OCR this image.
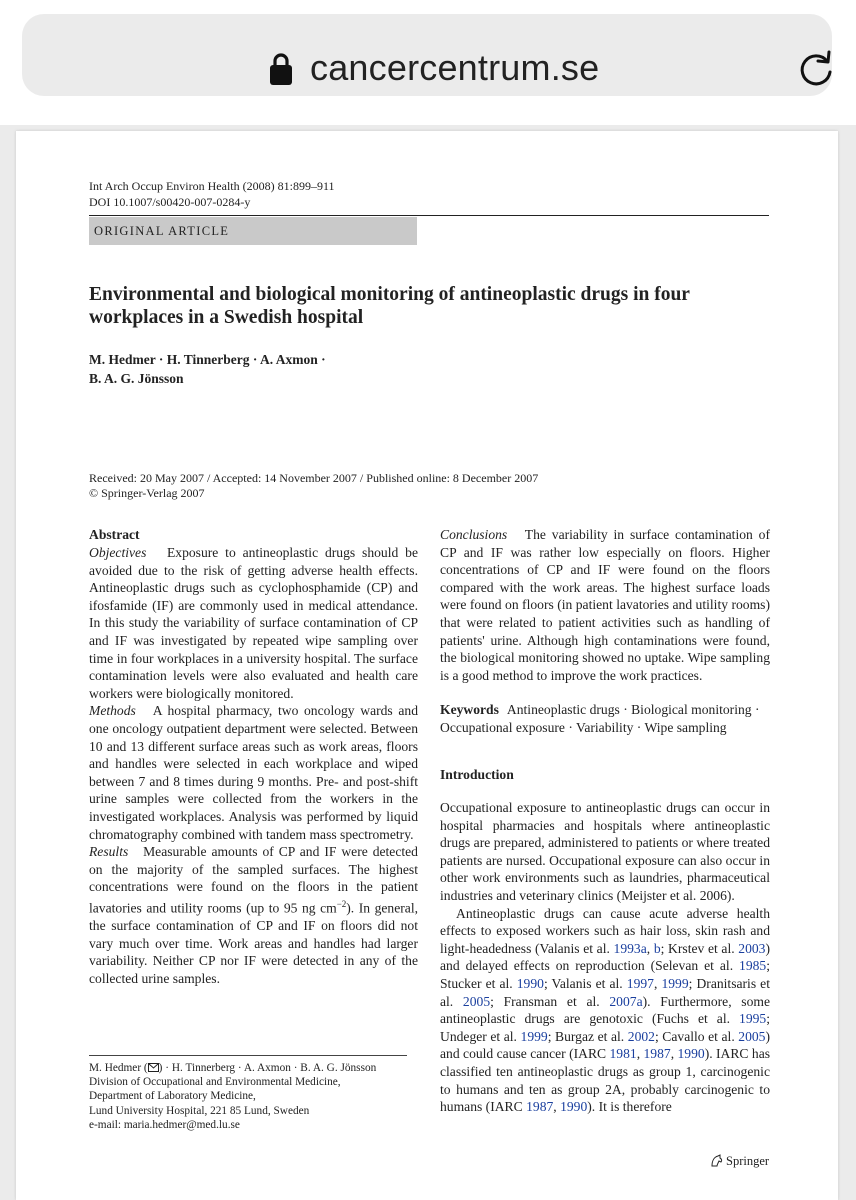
cancercentrum.se
Int Arch Occup Environ Health (2008) 81:899–911
DOI 10.1007/s00420-007-0284-y
ORIGINAL ARTICLE
Environmental and biological monitoring of antineoplastic drugs in four workplaces in a Swedish hospital
M. Hedmer · H. Tinnerberg · A. Axmon ·
B. A. G. Jönsson
Received: 20 May 2007 / Accepted: 14 November 2007 / Published online: 8 December 2007
© Springer-Verlag 2007
Abstract

Objectives Exposure to antineoplastic drugs should be avoided due to the risk of getting adverse health effects. Antineoplastic drugs such as cyclophosphamide (CP) and ifosfamide (IF) are commonly used in medical attendance. In this study the variability of surface contamination of CP and IF was investigated by repeated wipe sampling over time in four workplaces in a university hospital. The surface contamination levels were also evaluated and health care workers were biologically monitored.

Methods A hospital pharmacy, two oncology wards and one oncology outpatient department were selected. Between 10 and 13 different surface areas such as work areas, floors and handles were selected in each workplace and wiped between 7 and 8 times during 9 months. Pre- and post-shift urine samples were collected from the workers in the investigated workplaces. Analysis was performed by liquid chromatography combined with tandem mass spectrometry.

Results Measurable amounts of CP and IF were detected on the majority of the sampled surfaces. The highest concentrations were found on the floors in the patient lavatories and utility rooms (up to 95 ng $cm^{-2}$). In general, the surface contamination of CP and IF on floors did not vary much over time. Work areas and handles had larger variability. Neither CP nor IF were detected in any of the collected urine samples.

Conclusions The variability in surface contamination of CP and IF was rather low especially on floors. Higher concentrations of CP and IF were found on the floors compared with the work areas. The highest surface loads were found on floors (in patient lavatories and utility rooms) that were related to patient activities such as handling of patients' urine. Although high contaminations were found, the biological monitoring showed no uptake. Wipe sampling is a good method to improve the work practices.

Keywords Antineoplastic drugs · Biological monitoring · Occupational exposure · Variability · Wipe sampling
Introduction

Occupational exposure to antineoplastic drugs can occur in hospital pharmacies and hospitals where antineoplastic drugs are prepared, administered to patients or where treated patients are nursed. Occupational exposure can also occur in other work environments such as laundries, pharmaceutical industries and veterinary clinics (Meijster et al. 2006).

Antineoplastic drugs can cause acute adverse health effects to exposed workers such as hair loss, skin rash and light-headedness (Valanis et al. 1993a, b; Krstev et al. 2003) and delayed effects on reproduction (Selevan et al. 1985; Stucker et al. 1990; Valanis et al. 1997, 1999; Dranitsaris et al. 2005; Fransman et al. 2007a). Furthermore, some antineoplastic drugs are genotoxic (Fuchs et al. 1995; Undeger et al. 1999; Burgaz et al. 2002; Cavallo et al. 2005) and could cause cancer (IARC 1981, 1987, 1990). IARC has classified ten antineoplastic drugs as group 1, carcinogenic to humans and ten as group 2A, probably carcinogenic to humans (IARC 1987, 1990). It is therefore

M. Hedmer ( ) · H. Tinnerberg · A. Axmon · B. A. G. Jönsson
Division of Occupational and Environmental Medicine,
Department of Laboratory Medicine,
Lund University Hospital, 221 85 Lund, Sweden
e-mail: maria.hedmer@med.lu.se
Springer
